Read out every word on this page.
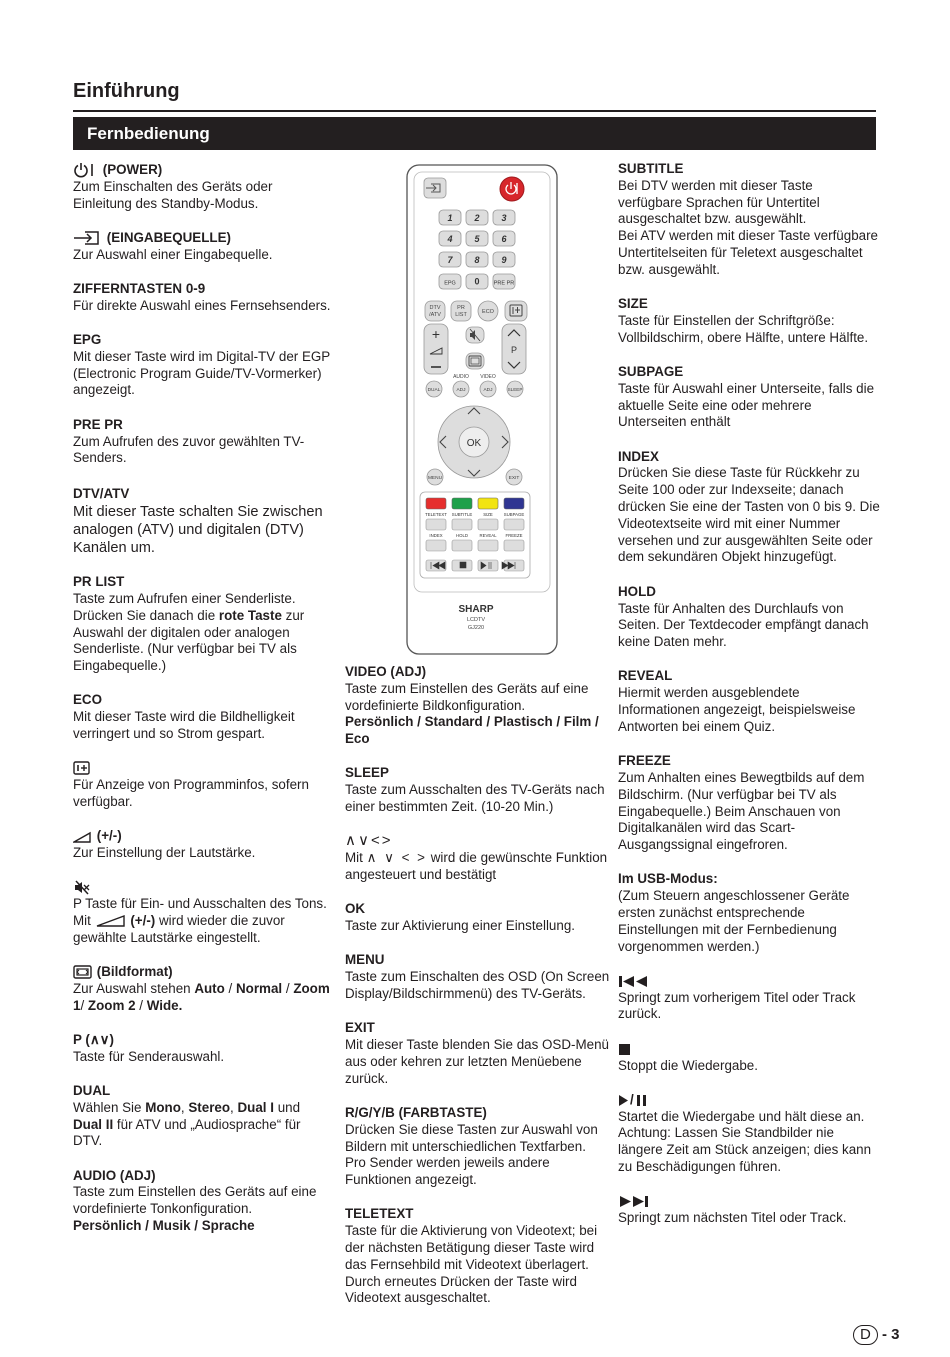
Einführung
Fernbedienung
(POWER)
Zum Einschalten des Geräts oder Einleitung des Standby-Modus.
(EINGABEQUELLE)
Zur Auswahl einer Eingabequelle.
ZIFFERNTASTEN 0-9
Für direkte Auswahl eines Fernsehsenders.
EPG
Mit dieser Taste wird im Digital-TV der EGP (Electronic Program Guide/TV-Vormerker) angezeigt.
PRE PR
Zum Aufrufen des zuvor gewählten TV-Senders.
DTV/ATV
Mit dieser Taste schalten Sie zwischen analogen (ATV) und digitalen (DTV) Kanälen um.
PR LIST
Taste zum Aufrufen einer Senderliste. Drücken Sie danach die rote Taste zur Auswahl der digitalen oder analogen Senderliste. (Nur verfügbar bei TV als Eingabequelle.)
ECO
Mit dieser Taste wird die Bildhelligkeit verringert und so Strom gespart.
Für Anzeige von Programminfos, sofern verfügbar.
(+/-)
Zur Einstellung der Lautstärke.
P Taste für Ein- und Ausschalten des Tons.
Mit	(+/-) wird wieder die zuvor gewählte Lautstärke eingestellt.
(Bildformat)
Zur Auswahl stehen Auto / Normal / Zoom 1/ Zoom 2 / Wide.
P (∧∨)
Taste für Senderauswahl.
DUAL
Wählen Sie Mono, Stereo, Dual I und Dual II für ATV und „Audiosprache“ für DTV.
AUDIO (ADJ)
Taste zum Einstellen des Geräts auf eine vordefinierte Tonkonfiguration.
Persönlich / Musik / Sprache
1 2 3
4 5 6
7 8 9
EPG 0	PRE PR
DTV
/ATV
PR
LIST	ECO
+
P
AUDIO VIDEO
DUAL	ADJ	ADJ	SLEEP
OK
MENU	EXIT
TELETEXT
INDEX
SUBTITLE
HOLD
SIZE
REVEAL
SUBPAGE
FREEZE
SHARP
LCDTV
GJ220
VIDEO (ADJ)
Taste zum Einstellen des Geräts auf eine vordefinierte Bildkonfiguration.
Persönlich / Standard / Plastisch / Film / Eco
SLEEP
Taste zum Ausschalten des TV-Geräts nach einer bestimmten Zeit. (10-20 Min.)
∧∨<>
Mit ∧ ∨ < > wird die gewünschte Funktion angesteuert und bestätigt
OK
Taste zur Aktivierung einer Einstellung.
MENU
Taste zum Einschalten des OSD (On Screen Display/Bildschirmmenü) des TV-Geräts.
EXIT
Mit dieser Taste blenden Sie das OSD-Menü aus oder kehren zur letzten Menüebene zurück.
R/G/Y/B (FARBTASTE)
Drücken Sie diese Tasten zur Auswahl von Bildern mit unterschiedlichen Textfarben. Pro Sender werden jeweils andere Funktionen angezeigt.
TELETEXT
Taste für die Aktivierung von Videotext; bei der nächsten Betätigung dieser Taste wird das Fernsehbild mit Videotext überlagert. Durch erneutes Drücken der Taste wird Videotext ausgeschaltet.
SUBTITLE
Bei DTV werden mit dieser Taste verfügbare Sprachen für Untertitel ausgeschaltet bzw. ausgewählt.
Bei ATV werden mit dieser Taste verfügbare Untertitelseiten für Teletext ausgeschaltet bzw. ausgewählt.
SIZE
Taste für Einstellen der Schriftgröße: Vollbildschirm, obere Hälfte, untere Hälfte.
SUBPAGE
Taste für Auswahl einer Unterseite, falls die aktuelle Seite eine oder mehrere Unterseiten enthält
INDEX
Drücken Sie diese Taste für Rückkehr zu Seite 100 oder zur Indexseite; danach drücken Sie eine der Tasten von 0 bis 9. Die Videotextseite wird mit einer Nummer versehen und zur ausgewählten Seite oder dem sekundären Objekt hinzugefügt.
HOLD
Taste für Anhalten des Durchlaufs von Seiten. Der Textdecoder empfängt danach keine Daten mehr.
REVEAL
Hiermit werden ausgeblendete Informationen angezeigt, beispielsweise Antworten bei einem Quiz.
FREEZE
Zum Anhalten eines Bewegtbilds auf dem Bildschirm. (Nur verfügbar bei TV als Eingabequelle.) Beim Anschauen von Digitalkanälen wird das Scart-Ausgangssignal eingefroren.
Im USB-Modus:
(Zum Steuern angeschlossener Geräte ersten zunächst entsprechende Einstellungen mit der Fernbedienung vorgenommen werden.)
Springt zum vorherigem Titel oder Track zurück.
Stoppt die Wiedergabe.
/
Startet die Wiedergabe und hält diese an.
Achtung: Lassen Sie Standbilder nie längere Zeit am Stück anzeigen; dies kann zu Beschädigungen führen.
Springt zum nächsten Titel oder Track.
D - 3
